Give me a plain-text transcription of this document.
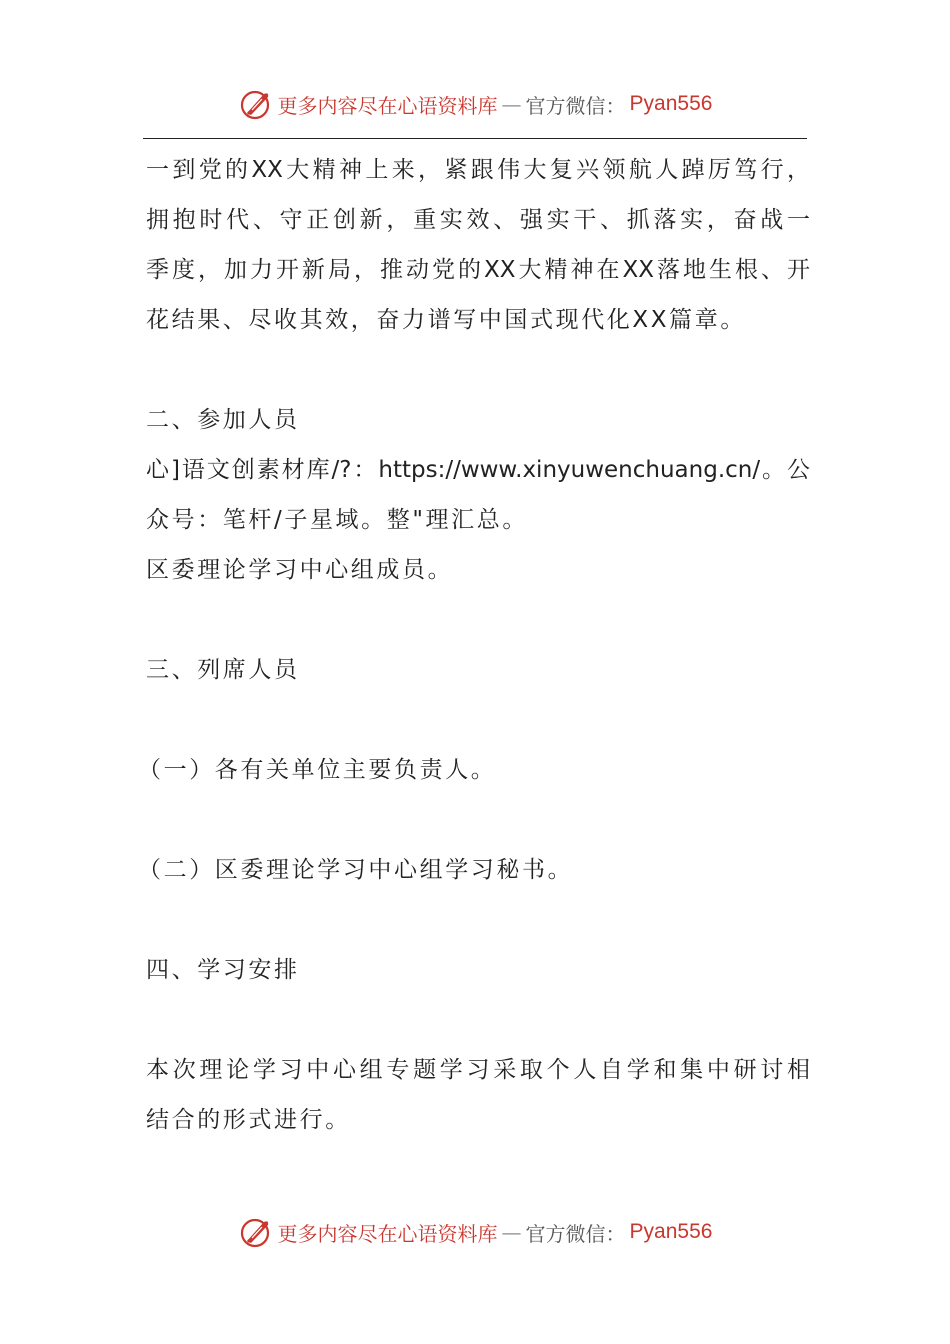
更多内容尽在心语资料库 — 官方微信： Pyan556
一到党的XX大精神上来，紧跟伟大复兴领航人踔厉笃行，
拥抱时代、守正创新，重实效、强实干、抓落实，奋战一
季度，加力开新局，推动党的XX大精神在XX落地生根、开
花结果、尽收其效，奋力谱写中国式现代化XX篇章。
二、参加人员
心]语文创素材库/?：https://www.xinyuwenchuang.cn/。公
众号：笔杆/子星域。整"理汇总。
区委理论学习中心组成员。
三、列席人员
（一）各有关单位主要负责人。
（二）区委理论学习中心组学习秘书。
四、学习安排
本次理论学习中心组专题学习采取个人自学和集中研讨相
结合的形式进行。
更多内容尽在心语资料库 — 官方微信： Pyan556
